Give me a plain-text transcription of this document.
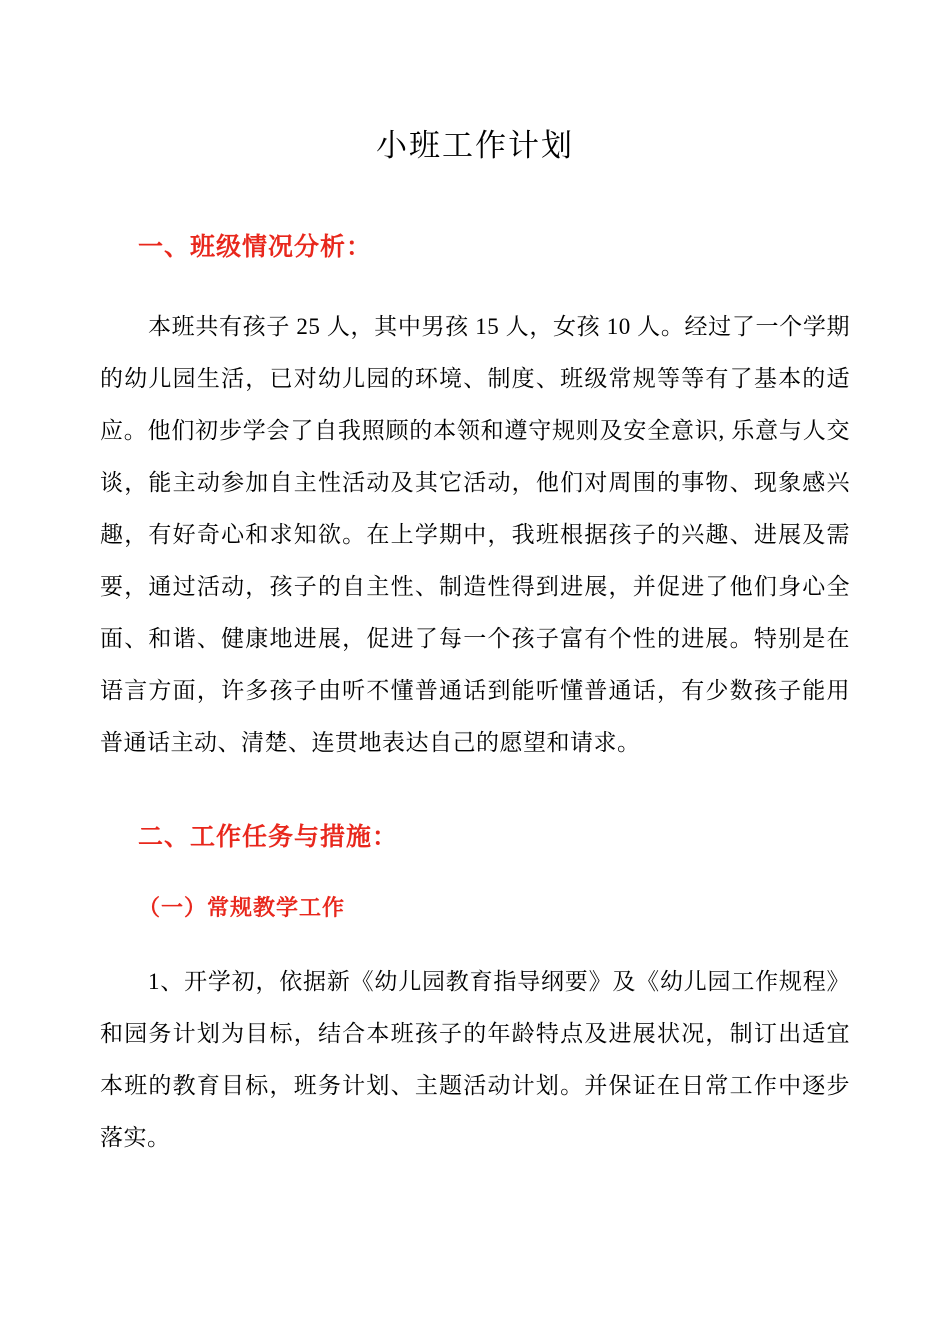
小班工作计划
一、班级情况分析：

本班共有孩子 25 人，其中男孩 15 人，女孩 10 人。经过了一个学期的幼儿园生活，已对幼儿园的环境、制度、班级常规等等有了基本的适应。他们初步学会了自我照顾的本领和遵守规则及安全意识, 乐意与人交谈，能主动参加自主性活动及其它活动，他们对周围的事物、现象感兴趣，有好奇心和求知欲。在上学期中，我班根据孩子的兴趣、进展及需要，通过活动，孩子的自主性、制造性得到进展，并促进了他们身心全面、和谐、健康地进展，促进了每一个孩子富有个性的进展。特别是在语言方面，许多孩子由听不懂普通话到能听懂普通话，有少数孩子能用普通话主动、清楚、连贯地表达自己的愿望和请求。

二、工作任务与措施：
（一）常规教学工作

1、开学初，依据新《幼儿园教育指导纲要》及《幼儿园工作规程》和园务计划为目标，结合本班孩子的年龄特点及进展状况，制订出适宜本班的教育目标，班务计划、主题活动计划。并保证在日常工作中逐步落实。
